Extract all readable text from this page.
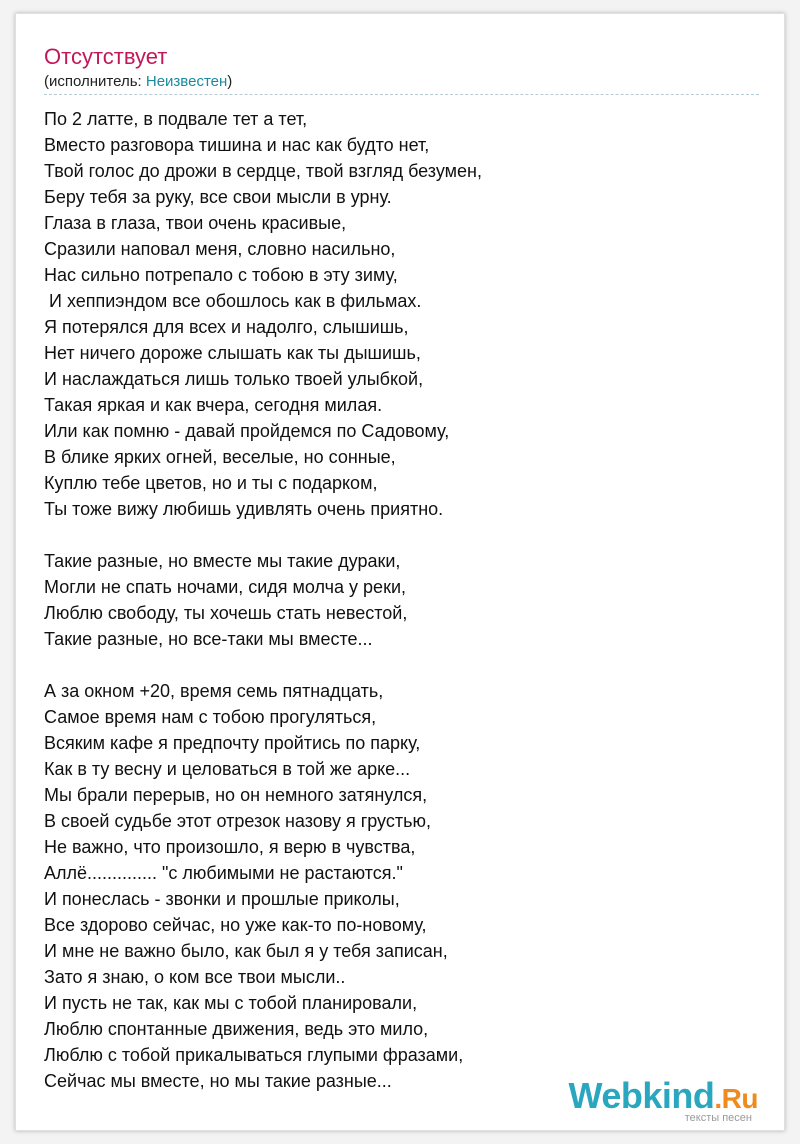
Отсутствует
(исполнитель: Неизвестен)
По 2 латте, в подвале тет а тет,
Вместо разговора тишина и нас как будто нет,
Твой голос до дрожи в сердце, твой взгляд безумен,
Беру тебя за руку, все свои мысли в урну.
Глаза в глаза, твои очень красивые,
Сразили наповал меня, словно насильно,
Нас сильно потрепало с тобою в эту зиму,
И хеппиэндом все обошлось как в фильмах.
Я потерялся для всех и надолго, слышишь,
Нет ничего дороже слышать как ты дышишь,
И наслаждаться лишь только твоей улыбкой,
Такая яркая и как вчера, сегодня милая.
Или как помню - давай пройдемся по Садовому,
В блике ярких огней, веселые, но сонные,
Куплю тебе цветов, но и ты с подарком,
Ты тоже вижу любишь удивлять очень приятно.
Такие разные, но вместе мы такие дураки,
Могли не спать ночами, сидя молча у реки,
Люблю свободу, ты хочешь стать невестой,
Такие разные, но все-таки мы вместе...
А за окном +20, время семь пятнадцать,
Самое время нам с тобою прогуляться,
Всяким кафе я предпочту пройтись по парку,
Как в ту весну и целоваться в той же арке...
Мы брали перерыв, но он немного затянулся,
В своей судьбе этот отрезок назову я грустью,
Не важно, что произошло, я верю в чувства,
Аллё.............. "с любимыми не растаются."
И понеслась - звонки и прошлые приколы,
Все здорово сейчас, но уже как-то по-новому,
И мне не важно было, как был я у тебя записан,
Зато я знаю, о ком все твои мысли..
И пусть не так, как мы с тобой планировали,
Люблю спонтанные движения, ведь это мило,
Люблю с тобой прикалываться глупыми фразами,
Сейчас мы вместе, но мы такие разные...	Webkind.Ru
тексты песен
